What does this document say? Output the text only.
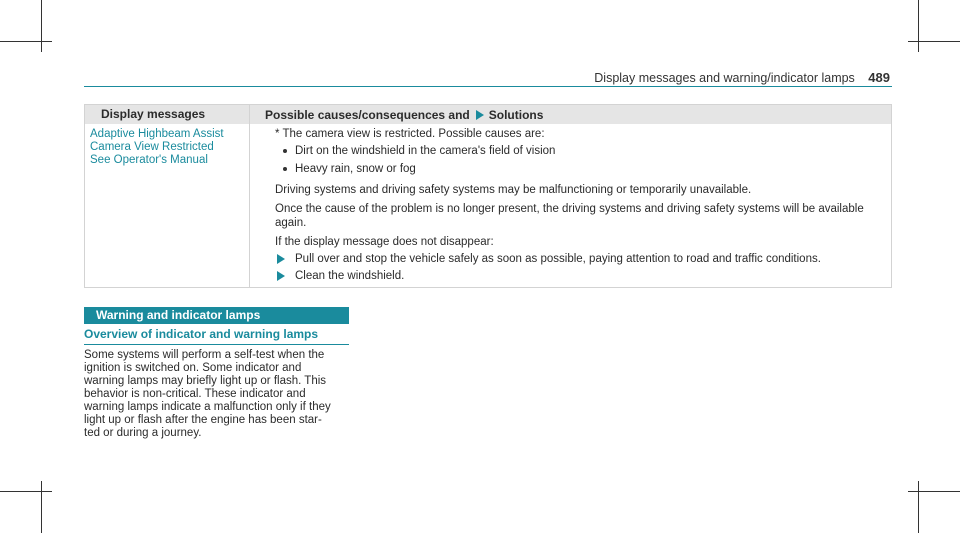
Display messages and warning/indicator lamps 489
Display messages	Possible causes/consequences and Solutions
Adaptive Highbeam Assist
Camera View Restricted
See Operator's Manual
* The camera view is restricted. Possible causes are:
Dirt on the windshield in the camera's field of vision
Heavy rain, snow or fog
Driving systems and driving safety systems may be malfunctioning or temporarily unavailable.
Once the cause of the problem is no longer present, the driving systems and driving safety systems will be available again.
If the display message does not disappear:
Pull over and stop the vehicle safely as soon as possible, paying attention to road and traffic conditions.
Clean the windshield.
Warning and indicator lamps
Overview of indicator and warning lamps
Some systems will perform a self-test when the
ignition is switched on. Some indicator and
warning lamps may briefly light up or flash. This
behavior is non-critical. These indicator and
warning lamps indicate a malfunction only if they
light up or flash after the engine has been star-
ted or during a journey.
